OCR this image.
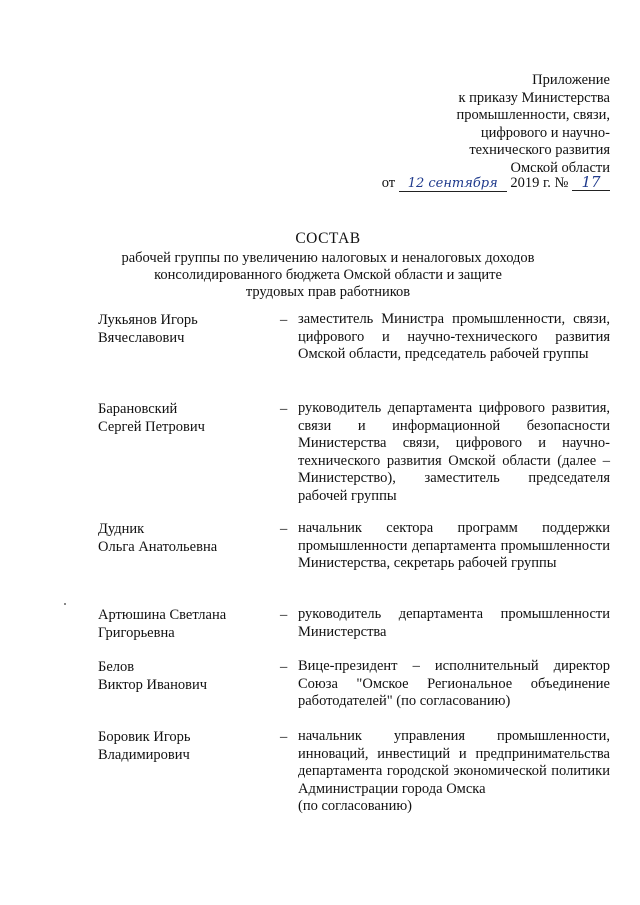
Приложение
к приказу Министерства
промышленности, связи,
цифрового и научно-
технического развития
Омской области
от 12 сентября 2019 г. № 17
СОСТАВ
рабочей группы по увеличению налоговых и неналоговых доходов
консолидированного бюджета Омской области и защите
трудовых прав работников
Лукьянов Игорь
Вячеславович
– заместитель Министра промышленности, связи, цифрового и научно-технического развития Омской области, председатель рабочей группы
Барановский
Сергей Петрович
– руководитель департамента цифрового развития, связи и информационной безопасности Министерства связи, цифрового и научно-технического развития Омской области (далее – Министерство), заместитель председателя рабочей группы
Дудник
Ольга Анатольевна
– начальник сектора программ поддержки промышленности департамента промышленности Министерства, секретарь рабочей группы
Артюшина Светлана
Григорьевна
– руководитель департамента промышленности Министерства
Белов
Виктор Иванович
– Вице-президент – исполнительный директор Союза "Омское Региональное объединение работодателей" (по согласованию)
Боровик Игорь
Владимирович
– начальник управления промышленности, инноваций, инвестиций и предпринимательства департамента городской экономической политики Администрации города Омска
(по согласованию)
